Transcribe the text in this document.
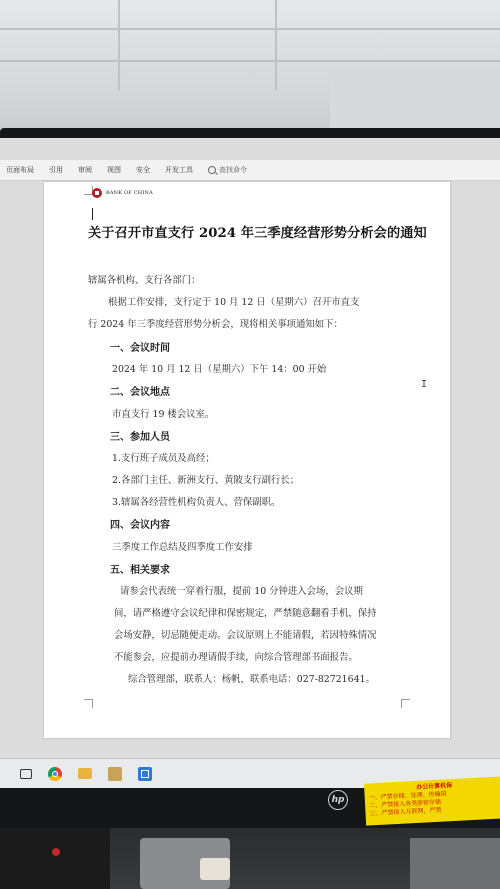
页面布局	引用	审阅	视图	安全	开发工具	查找命令
BANK OF CHINA
关于召开市直支行 2024 年三季度经营形势分析会的通知
辖属各机构、支行各部门：
根据工作安排，支行定于 10 月 12 日（星期六）召开市直支
行 2024 年三季度经营形势分析会，现将相关事项通知如下：
一、会议时间
2024 年 10 月 12 日（星期六）下午 14：00 开始
二、会议地点
市直支行 19 楼会议室。
三、参加人员
1.支行班子成员及高经；
2.各部门主任、新洲支行、黄陂支行副行长；
3.辖属各经营性机构负责人、营保副职。
四、会议内容
三季度工作总结及四季度工作安排
五、相关要求
请参会代表统一穿着行服，提前 10 分钟进入会场，会议期
间，请严格遵守会议纪律和保密规定，严禁随意翻看手机，保持
会场安静，切忌随便走动。会议原则上不能请假，若因特殊情况
不能参会，应提前办理请假手续，向综合管理部书面报告。
综合管理部，联系人：杨帆，联系电话：027-82721641。
I
hp
办公计算机保
一、严禁存储、处理、传输国
二、严禁接入各类涉密存储
三、严禁接入互联网，严禁
